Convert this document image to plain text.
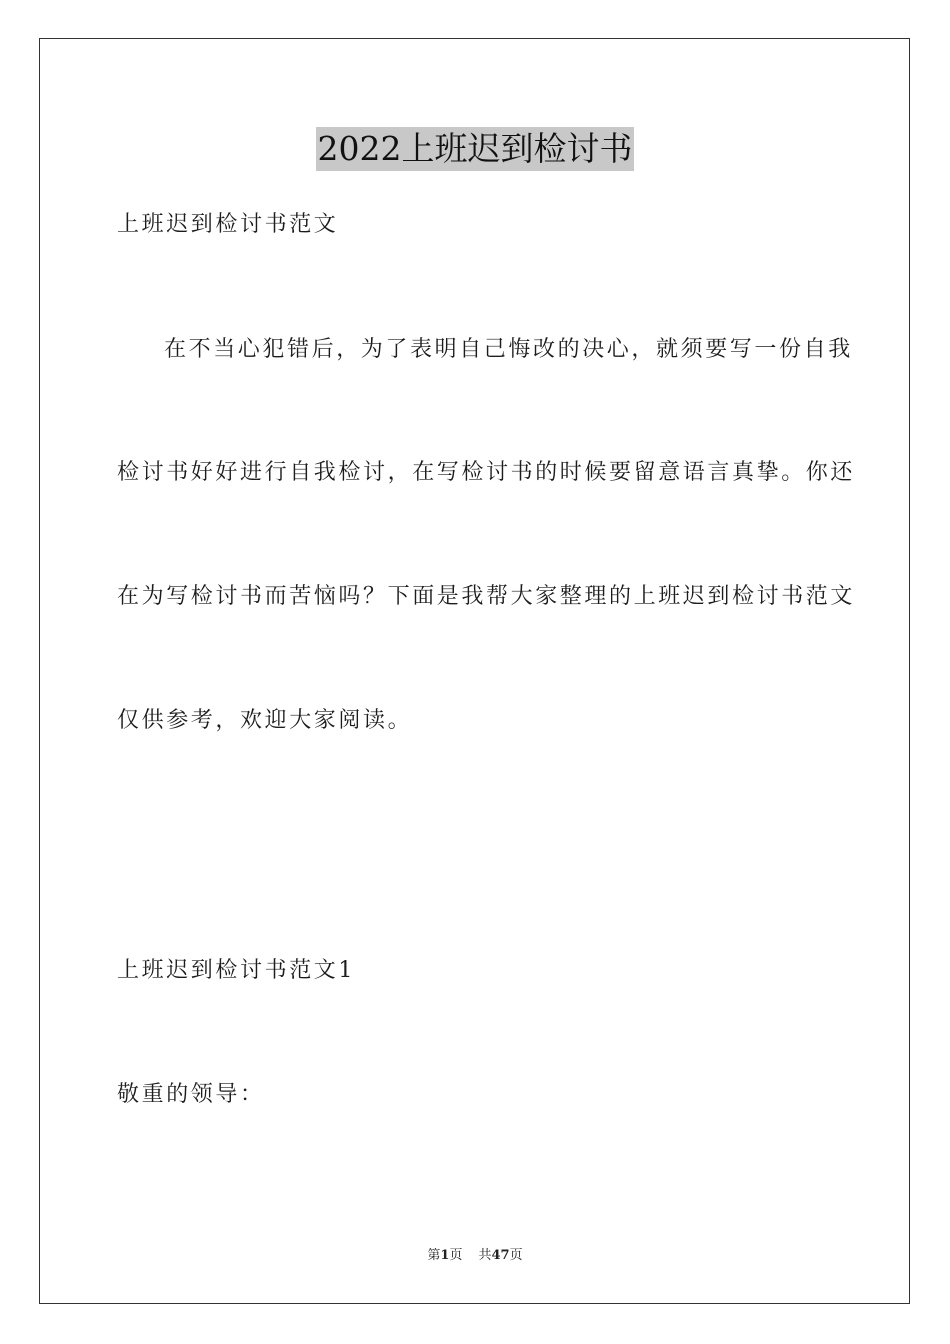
2022上班迟到检讨书
上班迟到检讨书范文
在不当心犯错后，为了表明自己悔改的决心，就须要写一份自我
检讨书好好进行自我检讨，在写检讨书的时候要留意语言真挚。你还
在为写检讨书而苦恼吗？下面是我帮大家整理的上班迟到检讨书范文
仅供参考，欢迎大家阅读。
上班迟到检讨书范文1
敬重的领导：
第1页 共47页
